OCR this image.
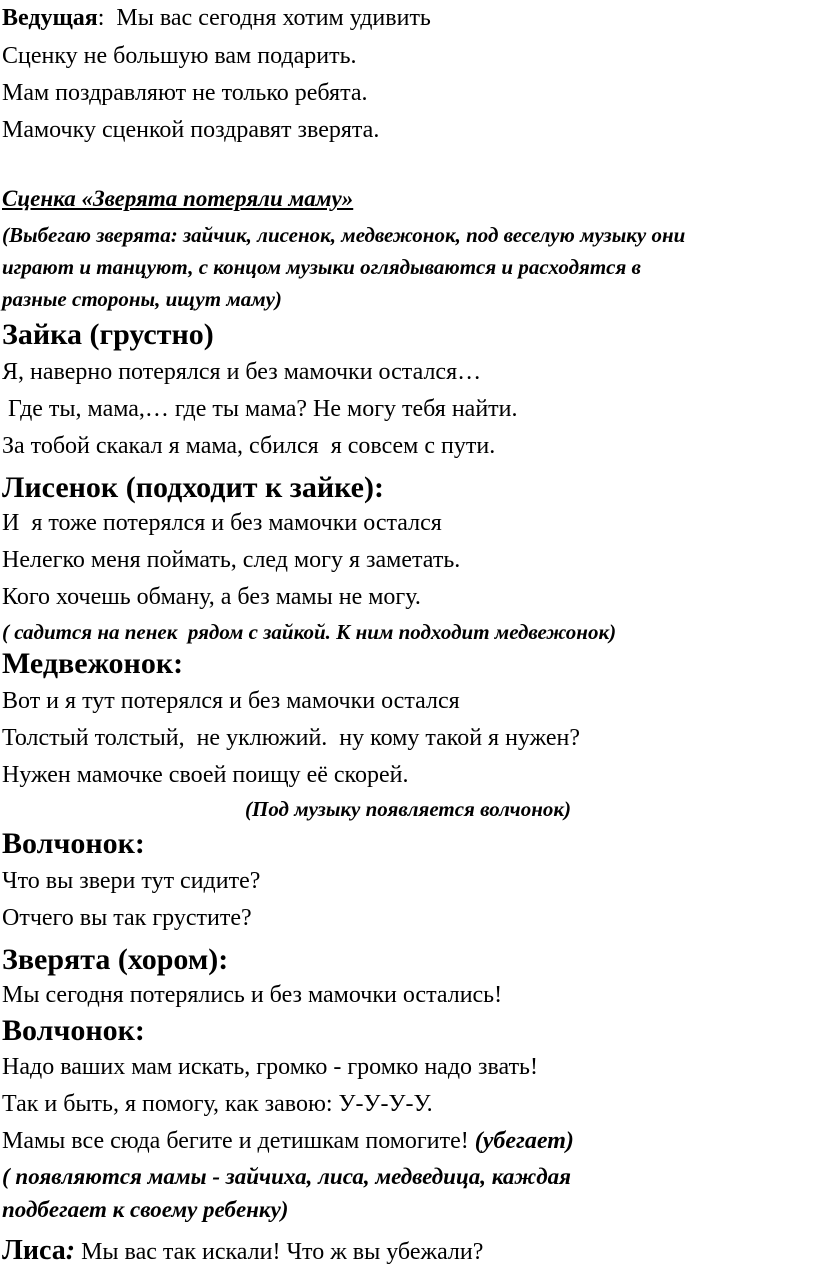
Ведущая:  Мы вас сегодня хотим удивить
Сценку не большую вам подарить.
Мам поздравляют не только ребята.
Мамочку сценкой поздравят зверята.
Сценка «Зверята потеряли маму»
(Выбегаю зверята: зайчик, лисенок, медвежонок, под веселую музыку они
играют и танцуют, с концом музыки оглядываются и расходятся в
разные стороны, ищут маму)
Зайка (грустно)
Я, наверно потерялся и без мамочки остался…
Где ты, мама,… где ты мама? Не могу тебя найти.
За тобой скакал я мама, сбился  я совсем с пути.
Лисенок (подходит к зайке):
И  я тоже потерялся и без мамочки остался
Нелегко меня поймать, след могу я заметать.
Кого хочешь обману, а без мамы не могу.
( садится на пенек  рядом с зайкой. К ним подходит медвежонок)
Медвежонок:
Вот и я тут потерялся и без мамочки остался
Толстый толстый,  не уклюжий.  ну кому такой я нужен?
Нужен мамочке своей поищу её скорей.
(Под музыку появляется волчонок)
Волчонок:
Что вы звери тут сидите?
Отчего вы так грустите?
Зверята (хором):
Мы сегодня потерялись и без мамочки остались!
Волчонок:
Надо ваших мам искать, громко - громко надо звать!
Так и быть, я помогу, как завою: У-У-У-У.
Мамы все сюда бегите и детишкам помогите! (убегает)
( появляются мамы - зайчиха, лиса, медведица, каждая
подбегает к своему ребенку)
Лиса: Мы вас так искали! Что ж вы убежали?
